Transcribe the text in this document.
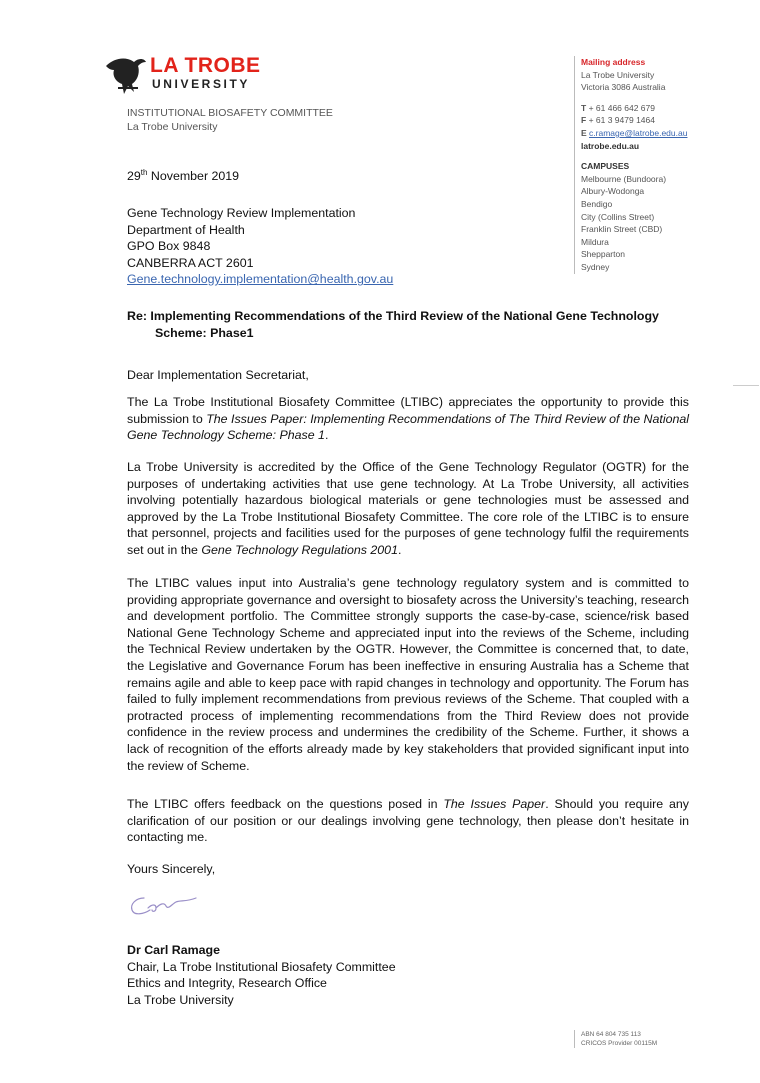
LA TROBE
UNIVERSITY
INSTITUTIONAL BIOSAFETY COMMITTEE
La Trobe University
Mailing address
La Trobe University
Victoria 3086 Australia
T + 61 466 642 679
F + 61 3 9479 1464
E c.ramage@latrobe.edu.au
latrobe.edu.au
CAMPUSES
Melbourne (Bundoora)
Albury-Wodonga
Bendigo
City (Collins Street)
Franklin Street (CBD)
Mildura
Shepparton
Sydney
29th November 2019
Gene Technology Review Implementation
Department of Health
GPO Box 9848
CANBERRA ACT 2601
Gene.technology.implementation@health.gov.au
Re: Implementing Recommendations of the Third Review of the National Gene Technology
Scheme: Phase1
Dear Implementation Secretariat,
The La Trobe Institutional Biosafety Committee (LTIBC) appreciates the opportunity to provide this submission to The Issues Paper: Implementing Recommendations of The Third Review of the National Gene Technology Scheme: Phase 1.
La Trobe University is accredited by the Office of the Gene Technology Regulator (OGTR) for the purposes of undertaking activities that use gene technology. At La Trobe University, all activities involving potentially hazardous biological materials or gene technologies must be assessed and approved by the La Trobe Institutional Biosafety Committee. The core role of the LTIBC is to ensure that personnel, projects and facilities used for the purposes of gene technology fulfil the requirements set out in the Gene Technology Regulations 2001.
The LTIBC values input into Australia’s gene technology regulatory system and is committed to providing appropriate governance and oversight to biosafety across the University’s teaching, research and development portfolio. The Committee strongly supports the case-by-case, science/risk based National Gene Technology Scheme and appreciated input into the reviews of the Scheme, including the Technical Review undertaken by the OGTR. However, the Committee is concerned that, to date, the Legislative and Governance Forum has been ineffective in ensuring Australia has a Scheme that remains agile and able to keep pace with rapid changes in technology and opportunity. The Forum has failed to fully implement recommendations from previous reviews of the Scheme. That coupled with a protracted process of implementing recommendations from the Third Review does not provide confidence in the review process and undermines the credibility of the Scheme. Further, it shows a lack of recognition of the efforts already made by key stakeholders that provided significant input into the review of Scheme.
The LTIBC offers feedback on the questions posed in The Issues Paper. Should you require any clarification of our position or our dealings involving gene technology, then please don’t hesitate in contacting me.
Yours Sincerely,
Dr Carl Ramage
Chair, La Trobe Institutional Biosafety Committee
Ethics and Integrity, Research Office
La Trobe University
ABN 64 804 735 113
CRICOS Provider 00115M
